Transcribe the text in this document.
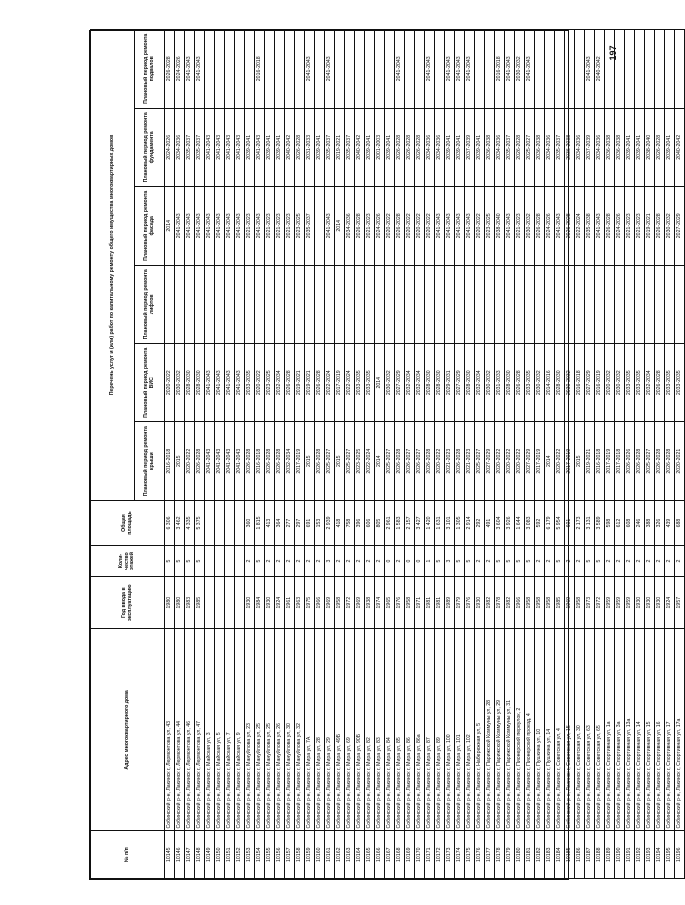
197
№ п/п	Адрес многоквартирного дома	Год ввода в эксплуатацию	Коли-чество этажей	Общая площадь	Перечень услуг и (или) работ по капитальному ремонту общего имущества многоквартирных домов					
					Плановый период ремонта крыши	Плановый период ремонта ВИС	Плановый период ремонта лифтов	Плановый период ремонта фасада	Плановый период ремонта фундамента	Плановый период ремонта подвалов
10145	Собинский р-н, Лакинск г, Лермонтова ул, 43	1980	5	6 306	2016-2018	2020-2022		2014	2024-2026	2026-2028
10146	Собинский р-н, Лакинск г, Лермонтова ул, 44	1980	5	3 462	2015	2030-2032		2041-2043	2034-2036	2024-2026
10147	Собинский р-н, Лакинск г, Лермонтова ул, 46	1983	5	4 335	2020-2022	2028-2030		2041-2043	2035-2037	2041-2043
10148	Собинский р-н, Лакинск г, Лермонтова ул, 47	1985	5	5 375	2026-2028	2028-2030		2041-2043	2035-2037	2041-2043
10149	Собинский р-н, Лакинск г, Майская ул, 3				2041-2043	2041-2043		2041-2043	2041-2043	
10150	Собинский р-н, Лакинск г, Майская ул, 5				2041-2043	2041-2043		2041-2043	2041-2043	
10151	Собинский р-н, Лакинск г, Майская ул, 7				2041-2043	2041-2043		2041-2043	2041-2043	
10152	Собинский р-н, Лакинск г, Майская ул, 9				2041-2043	2041-2043		2041-2043	2041-2043	
10153	Собинский р-н, Лакинск г, Мануйлова ул, 23	1930	2	360	2026-2028	2033-2035		2021-2023	2039-2041	
10154	Собинский р-н, Лакинск г, Мануйлова ул, 25	1984	5	1 815	2016-2018	2020-2022		2041-2043	2041-2043	2016-2018
10155	Собинский р-н, Лакинск г, Мануйлова ул, 25	1930	2	413	2026-2028	2023-2025		2021-2023	2039-2041	
10156	Собинский р-н, Лакинск г, Мануйлова ул, 26	1924	2	364	2026-2028	2032-2034		2021-2023	2039-2041	
10157	Собинский р-н, Лакинск г, Мануйлова ул, 30	1961	2	277	2032-2034	2026-2028		2021-2023	2040-2042	
10158	Собинский р-н, Лакинск г, Мануйлова ул, 32	1963	2	297	2017-2019	2019-2021		2023-2025	2026-2028	
10159	Собинский р-н, Лакинск г, Мира ул, 7А	1975	2	691	2015	2019-2021		2035-2037	2031-2033	2041-2043
10160	Собинский р-н, Лакинск г, Мира ул, 28	1966	2	153	2026-2028	2026-2028			2039-2041	
10161	Собинский р-н, Лакинск г, Мира ул, 29	1969	3	2 939	2025-2027	2022-2024		2041-2043	2035-2037	2041-2043
10162	Собинский р-н, Лакинск г, Мира ул, 49Б	1958	2	418	2015	2017-2019		2014	2019-2021	
10163	Собинский р-н, Лакинск г, Мира ул, 69	1972	2	758	2025-2027	2022-2024		2034-2036	2035-2037	
10164	Собинский р-н, Лакинск г, Мира ул, 90Б	1969	2	396	2023-2025	2033-2035		2026-2028	2040-2042	
10165	Собинский р-н, Лакинск г, Мира ул, 82	1938	2	606	2022-2024	2033-2035		2021-2023	2039-2041	
10166	Собинский р-н, Лакинск г, Мира ул, 83	1974	2	805	2014	2014		2024-2026	2001-2003	
10167	Собинский р-н, Лакинск г, Мира ул, 84	1965	0	2 961	2025-2027	2030-2032		2020-2022	2039-2041	
10168	Собинский р-н, Лакинск г, Мира ул, 85	1976	2	1 583	2026-2028	2027-2029		2026-2028	2026-2028	2041-2043
10169	Собинский р-н, Лакинск г, Мира ул, 86	1958	0	2 157	2026-2027	2032-2034		2020-2022	2026-2028	
10170	Собинский р-н, Лакинск г, Мира ул, 86а	1971	0	3 427	2026-2027	2032-2034		2020-2022	2026-2028	
10171	Собинский р-н, Лакинск г, Мира ул, 87	1981	1	1 420	2026-2028	2028-2030		2020-2022	2034-2036	2041-2043
10172	Собинский р-н, Лакинск г, Мира ул, 89	1981	5	1 631	2020-2022	2028-2030		2041-2043	2034-2036	
10173	Собинский р-н, Лакинск г, Мира ул, 100	1989	3	3 101	2021-2023	2029-2031		2041-2043	2039-2041	2041-2043
10174	Собинский р-н, Лакинск г, Мира ул, 101	1979	5	1 305	2026-2028	2027-2029		2041-2043	2039-2041	2041-2043
10175	Собинский р-н, Лакинск г, Мира ул, 102	1976	5	2 914	2021-2023	2028-2030		2041-2043	2037-2039	2041-2043
10176	Собинский р-н, Лакинск г, Набережная ул, 5	1930	2	292	2025-2027	2032-2034		2020-2022	2039-2041	
10177	Собинский р-н, Лакинск г, Парижской Коммуны ул, 28	1982	2	491	2027-2029	2030-2032		2023-2025	2036-2038	
10178	Собинский р-н, Лакинск г, Парижской Коммуны ул, 29	1978	5	3 604	2020-2022	2031-2033		2038-2040	2034-2036	2016-2018
10179	Собинский р-н, Лакинск г, Парижской Коммуны ул, 31	1982	5	3 926	2020-2022	2028-2030		2041-2043	2035-2037	2041-2043
10180	Собинский р-н, Лакинск г, Пионерский переулок, 2	1966	5	1 644	2020-2022	2026-2028		2021-2023	2026-2028	2030-2032
10181	Собинский р-н, Лакинск г, Пионерский проезд, 4	1958	5	3 083	2027-2029	2033-2035		2030-2032	2025-2027	2041-2043
10182	Собинский р-н, Лакинск г, Пушкина ул, 10	1958	2	592	2017-2019	2030-2032		2026-2028	2036-2038	
10183	Собинский р-н, Лакинск г, Пушкина ул, 14	1958	2	6 179	2014	2014-2016		2024-2026	2034-2036	
10184	Собинский р-н, Лакинск г, Советская ул, 4	1985	5	5 954	2020-2022	2028-2030		2041-2043	2035-2037	
10185	Собинский р-н, Лакинск г, Советская ул, 15	1969	2	601	2017-2019	2030-2032		2026-2028	2036-2038	
10186	Собинский р-н, Лакинск г, Советская ул, 30	1958	2	2 173	2015	2016-2018		2022-2024	2034-2036	
10187	Собинский р-н, Лакинск г, Советская ул, 63	1973	5	3 131	2019-2021	2027-2029		2035-2038	2037-2039	2041-2043
10188	Собинский р-н, Лакинск г, Советская ул, 65	1972	5	3 589	2016-2018	2016-2019		2041-2043	2034-2036	2040-2042
10189	Собинский р-н, Лакинск г, Спортивная ул, 1а	1959	2	598	2017-2019	2020-2032		2026-2028	2036-2038	
10190	Собинский р-н, Лакинск г, Спортивная ул, 3а	1959	2	612	2017-2018	2030-2032		2024-2026	2036-2038	
10191	Собинский р-н, Лакинск г, Спортивная ул, 13а	1959	2	608	2026-2026	2033-2035		2021-2023	2039-2041	
10192	Собинский р-н, Лакинск г, Спортивная ул, 14	1930	2	246	2026-2028	2033-2035		2021-2023	2039-2041	
10193	Собинский р-н, Лакинск г, Спортивная ул, 15	1930	2	388	2025-2027	2032-2034		2019-2021	2038-2040	
10194	Собинский р-н, Лакинск г, Спортивная ул, 16	1930	2	326	2026-2028	2026-2028		2026-2028	2026-2028	
10195	Собинский р-н, Лакинск г, Спортивная ул, 17	1924	2	439	2026-2028	2033-2035		2030-2032	2039-2041	
10196	Собинский р-н, Лакинск г, Спортивная ул, 17а	1957	2	688	2020-2021	2033-2035		2027-2029	2040-2042	
